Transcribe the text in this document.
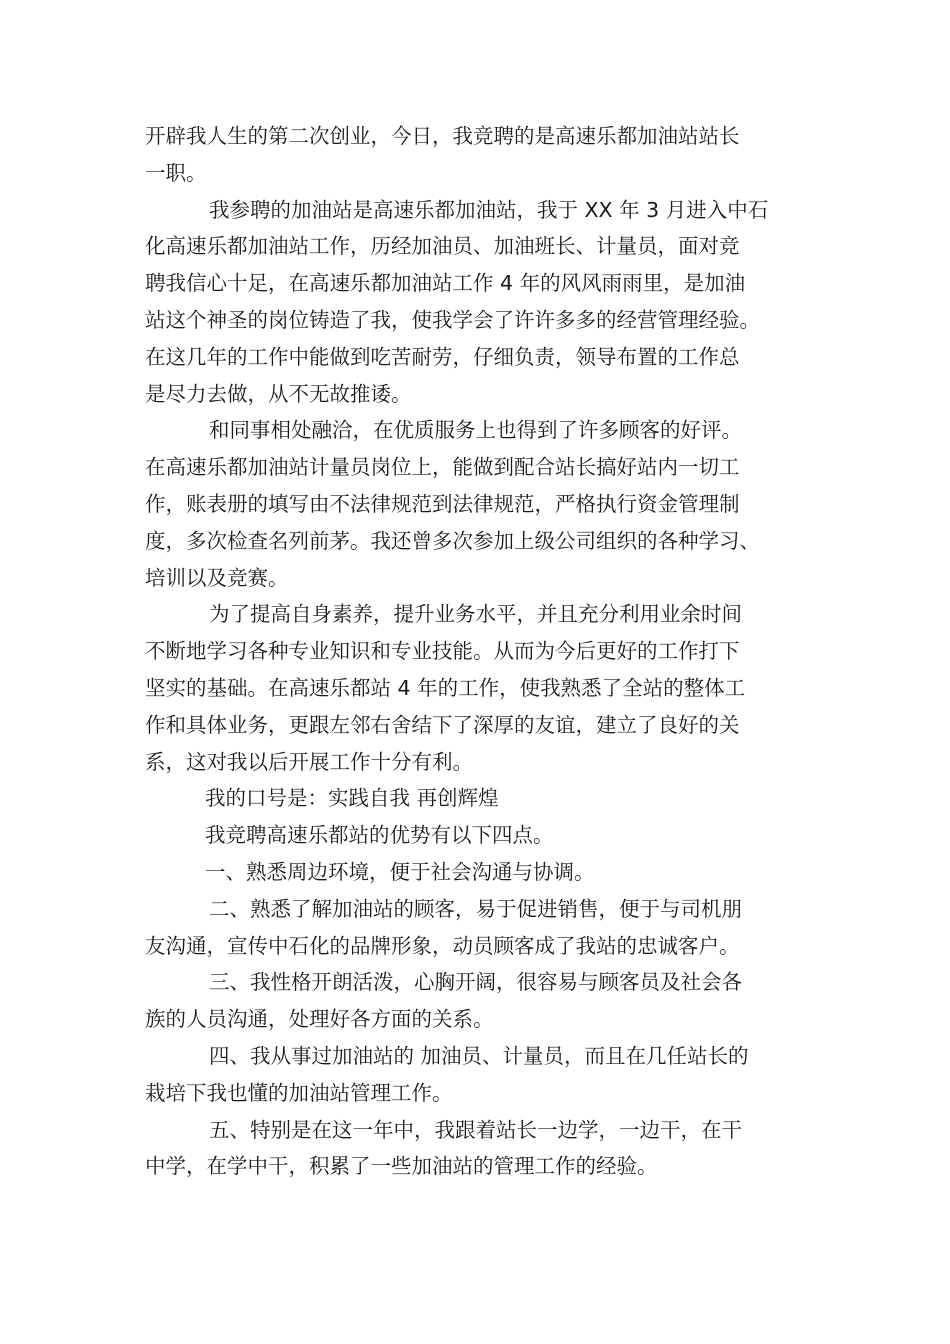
开辟我人生的第二次创业，今日，我竞聘的是高速乐都加油站站长
一职。
我参聘的加油站是高速乐都加油站，我于 XX 年 3 月进入中石
化高速乐都加油站工作，历经加油员、加油班长、计量员，面对竞
聘我信心十足，在高速乐都加油站工作 4 年的风风雨雨里，是加油
站这个神圣的岗位铸造了我，使我学会了许许多多的经营管理经验。
在这几年的工作中能做到吃苦耐劳，仔细负责，领导布置的工作总
是尽力去做，从不无故推诿。
和同事相处融洽，在优质服务上也得到了许多顾客的好评。
在高速乐都加油站计量员岗位上，能做到配合站长搞好站内一切工
作，账表册的填写由不法律规范到法律规范，严格执行资金管理制
度，多次检查名列前茅。我还曾多次参加上级公司组织的各种学习、
培训以及竞赛。
为了提高自身素养，提升业务水平，并且充分利用业余时间
不断地学习各种专业知识和专业技能。从而为今后更好的工作打下
坚实的基础。在高速乐都站 4 年的工作，使我熟悉了全站的整体工
作和具体业务，更跟左邻右舍结下了深厚的友谊，建立了良好的关
系，这对我以后开展工作十分有利。
我的口号是：实践自我 再创辉煌
我竞聘高速乐都站的优势有以下四点。
一、熟悉周边环境，便于社会沟通与协调。
二、熟悉了解加油站的顾客，易于促进销售，便于与司机朋
友沟通，宣传中石化的品牌形象，动员顾客成了我站的忠诚客户。
三、我性格开朗活泼，心胸开阔，很容易与顾客员及社会各
族的人员沟通，处理好各方面的关系。
四、我从事过加油站的 加油员、计量员，而且在几任站长的
栽培下我也懂的加油站管理工作。
五、特别是在这一年中，我跟着站长一边学，一边干，在干
中学，在学中干，积累了一些加油站的管理工作的经验。
